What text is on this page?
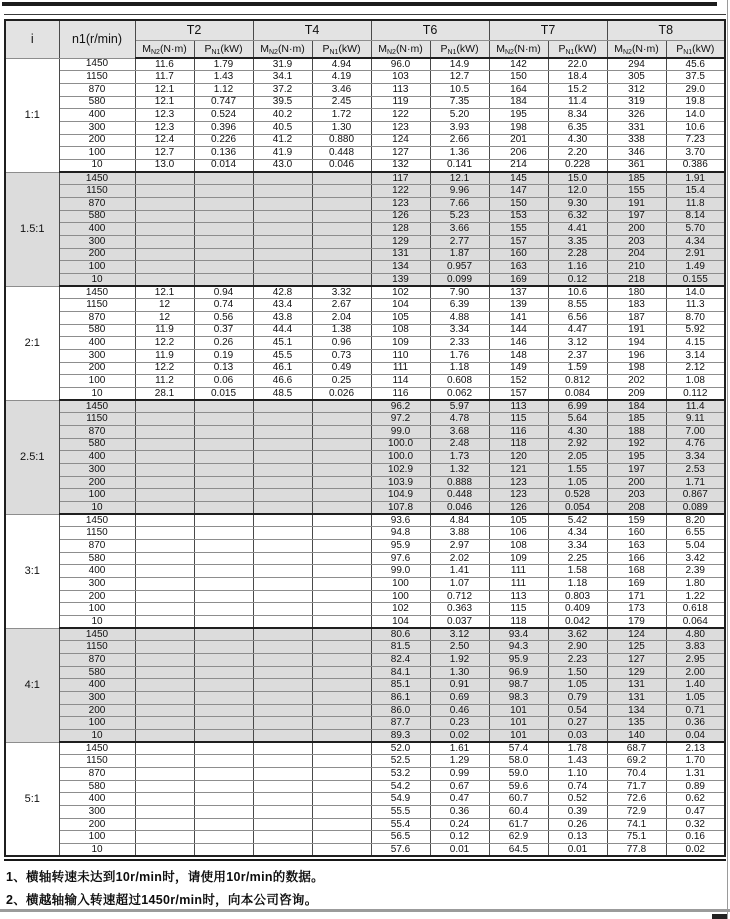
i	n1(r/min)	T2		T4		T6		T7		T8	
		$M_{N2}(N\cdot m)$	$P_{N1}(kW)$	$M_{N2}(N\cdot m)$	$P_{N1}(kW)$	$M_{N2}(N\cdot m)$	$P_{N1}(kW)$	$M_{N2}(N\cdot m)$	$P_{N1}(kW)$	$M_{N2}(N\cdot m)$	$P_{N1}(kW)$
1:1	1450	11.6	1.79	31.9	4.94	96.0	14.9	142	22.0	294	45.6
	1150	11.7	1.43	34.1	4.19	103	12.7	150	18.4	305	37.5
	870	12.1	1.12	37.2	3.46	113	10.5	164	15.2	312	29.0
	580	12.1	0.747	39.5	2.45	119	7.35	184	11.4	319	19.8
	400	12.3	0.524	40.2	1.72	122	5.20	195	8.34	326	14.0
	300	12.3	0.396	40.5	1.30	123	3.93	198	6.35	331	10.6
	200	12.4	0.226	41.2	0.880	124	2.66	201	4.30	338	7.23
	100	12.7	0.136	41.9	0.448	127	1.36	206	2.20	346	3.70
	10	13.0	0.014	43.0	0.046	132	0.141	214	0.228	361	0.386
1.5:1	1450					117	12.1	145	15.0	185	1.91
	1150					122	9.96	147	12.0	155	15.4
	870					123	7.66	150	9.30	191	11.8
	580					126	5.23	153	6.32	197	8.14
	400					128	3.66	155	4.41	200	5.70
	300					129	2.77	157	3.35	203	4.34
	200					131	1.87	160	2.28	204	2.91
	100					134	0.957	163	1.16	210	1.49
	10					139	0.099	169	0.12	218	0.155
2:1	1450	12.1	0.94	42.8	3.32	102	7.90	137	10.6	180	14.0
	1150	12	0.74	43.4	2.67	104	6.39	139	8.55	183	11.3
	870	12	0.56	43.8	2.04	105	4.88	141	6.56	187	8.70
	580	11.9	0.37	44.4	1.38	108	3.34	144	4.47	191	5.92
	400	12.2	0.26	45.1	0.96	109	2.33	146	3.12	194	4.15
	300	11.9	0.19	45.5	0.73	110	1.76	148	2.37	196	3.14
	200	12.2	0.13	46.1	0.49	111	1.18	149	1.59	198	2.12
	100	11.2	0.06	46.6	0.25	114	0.608	152	0.812	202	1.08
	10	28.1	0.015	48.5	0.026	116	0.062	157	0.084	209	0.112
2.5:1	1450					96.2	5.97	113	6.99	184	11.4
	1150					97.2	4.78	115	5.64	185	9.11
	870					99.0	3.68	116	4.30	188	7.00
	580					100.0	2.48	118	2.92	192	4.76
	400					100.0	1.73	120	2.05	195	3.34
	300					102.9	1.32	121	1.55	197	2.53
	200					103.9	0.888	123	1.05	200	1.71
	100					104.9	0.448	123	0.528	203	0.867
	10					107.8	0.046	126	0.054	208	0.089
3:1	1450					93.6	4.84	105	5.42	159	8.20
	1150					94.8	3.88	106	4.34	160	6.55
	870					95.9	2.97	108	3.34	163	5.04
	580					97.6	2.02	109	2.25	166	3.42
	400					99.0	1.41	111	1.58	168	2.39
	300					100	1.07	111	1.18	169	1.80
	200					100	0.712	113	0.803	171	1.22
	100					102	0.363	115	0.409	173	0.618
	10					104	0.037	118	0.042	179	0.064
4:1	1450					80.6	3.12	93.4	3.62	124	4.80
	1150					81.5	2.50	94.3	2.90	125	3.83
	870					82.4	1.92	95.9	2.23	127	2.95
	580					84.1	1.30	96.9	1.50	129	2.00
	400					85.1	0.91	98.7	1.05	131	1.40
	300					86.1	0.69	98.3	0.79	131	1.05
	200					86.0	0.46	101	0.54	134	0.71
	100					87.7	0.23	101	0.27	135	0.36
	10					89.3	0.02	101	0.03	140	0.04
5:1	1450					52.0	1.61	57.4	1.78	68.7	2.13
	1150					52.5	1.29	58.0	1.43	69.2	1.70
	870					53.2	0.99	59.0	1.10	70.4	1.31
	580					54.2	0.67	59.6	0.74	71.7	0.89
	400					54.9	0.47	60.7	0.52	72.6	0.62
	300					55.5	0.36	60.4	0.39	72.9	0.47
	200					55.4	0.24	61.7	0.26	74.1	0.32
	100					56.5	0.12	62.9	0.13	75.1	0.16
	10					57.6	0.01	64.5	0.01	77.8	0.02
1、横轴转速未达到10r/min时，请使用10r/min的数据。
2、横越轴输入转速超过1450r/min时，向本公司咨询。
